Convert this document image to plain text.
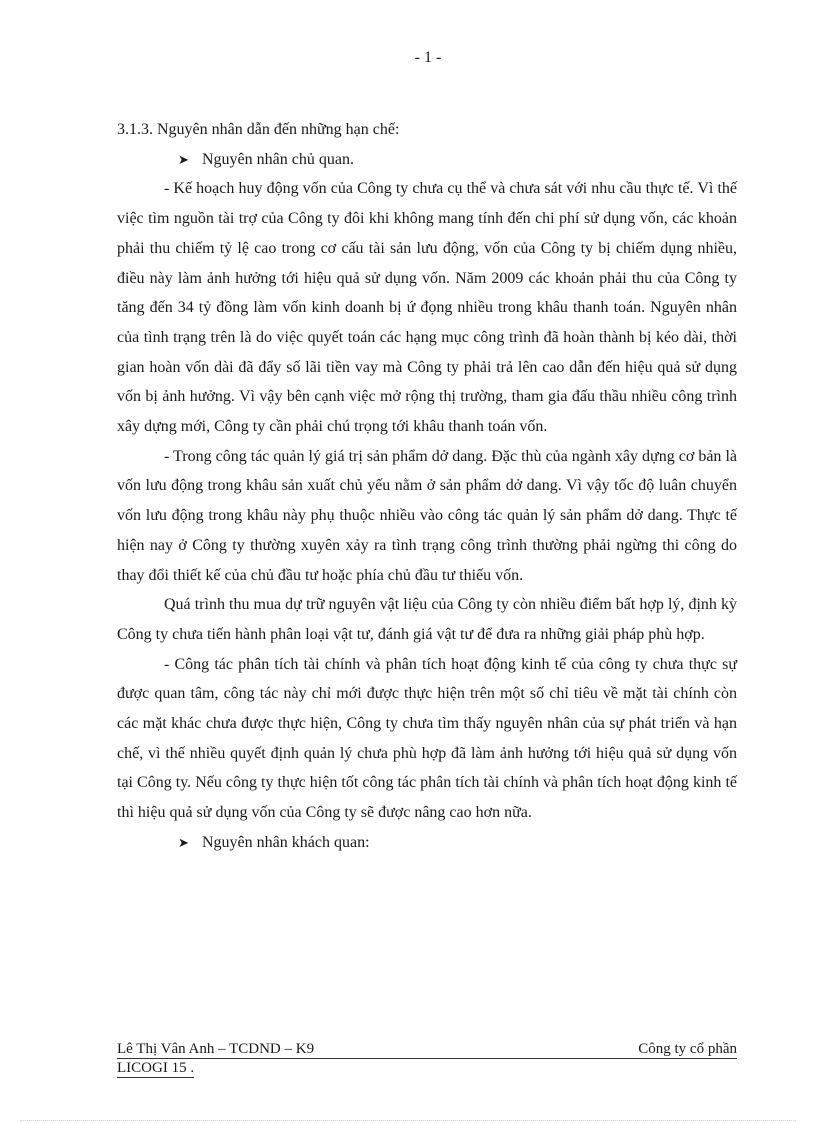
- 1 -

3.1.3. Nguyên nhân dẫn đến những hạn chế:

➤ Nguyên nhân chủ quan.

- Kế hoạch huy động vốn của Công ty chưa cụ thể và chưa sát với nhu cầu thực tế. Vì thế việc tìm nguồn tài trợ của Công ty đôi khi không mang tính đến chi phí sử dụng vốn, các khoản phải thu chiếm tỷ lệ cao trong cơ cấu tài sản lưu động, vốn của Công ty bị chiếm dụng nhiều, điều này làm ảnh hưởng tới hiệu quả sử dụng vốn. Năm 2009 các khoản phải thu của Công ty tăng đến 34 tỷ đồng làm vốn kinh doanh bị ứ đọng nhiều trong khâu thanh toán. Nguyên nhân của tình trạng trên là do việc quyết toán các hạng mục công trình đã hoàn thành bị kéo dài, thời gian hoàn vốn dài đã đẩy số lãi tiền vay mà Công ty phải trả lên cao dẫn đến hiệu quả sử dụng vốn bị ảnh hưởng. Vì vậy bên cạnh việc mở rộng thị trường, tham gia đấu thầu nhiều công trình xây dựng mới, Công ty cần phải chú trọng tới khâu thanh toán vốn.

- Trong công tác quản lý giá trị sản phẩm dở dang. Đặc thù của ngành xây dựng cơ bản là vốn lưu động trong khâu sản xuất chủ yếu nằm ở sản phẩm dở dang. Vì vậy tốc độ luân chuyển vốn lưu động trong khâu này phụ thuộc nhiều vào công tác quản lý sản phẩm dở dang. Thực tế hiện nay ở Công ty thường xuyên xảy ra tình trạng công trình thường phải ngừng thi công do thay đổi thiết kế của chủ đầu tư hoặc phía chủ đầu tư thiếu vốn.

Quá trình thu mua dự trữ nguyên vật liệu của Công ty còn nhiều điểm bất hợp lý, định kỳ Công ty chưa tiến hành phân loại vật tư, đánh giá vật tư để đưa ra những giải pháp phù hợp.

- Công tác phân tích tài chính và phân tích hoạt động kinh tế của công ty chưa thực sự được quan tâm, công tác này chỉ mới được thực hiện trên một số chỉ tiêu về mặt tài chính còn các mặt khác chưa được thực hiện, Công ty chưa tìm thấy nguyên nhân của sự phát triển và hạn chế, vì thế nhiều quyết định quản lý chưa phù hợp đã làm ảnh hưởng tới hiệu quả sử dụng vốn tại Công ty. Nếu công ty thực hiện tốt công tác phân tích tài chính và phân tích hoạt động kinh tế thì hiệu quả sử dụng vốn của Công ty sẽ được nâng cao hơn nữa.

➤ Nguyên nhân khách quan:

Lê Thị Vân Anh – TCDND – K9	Công ty cổ phần
LICOGI 15 .
